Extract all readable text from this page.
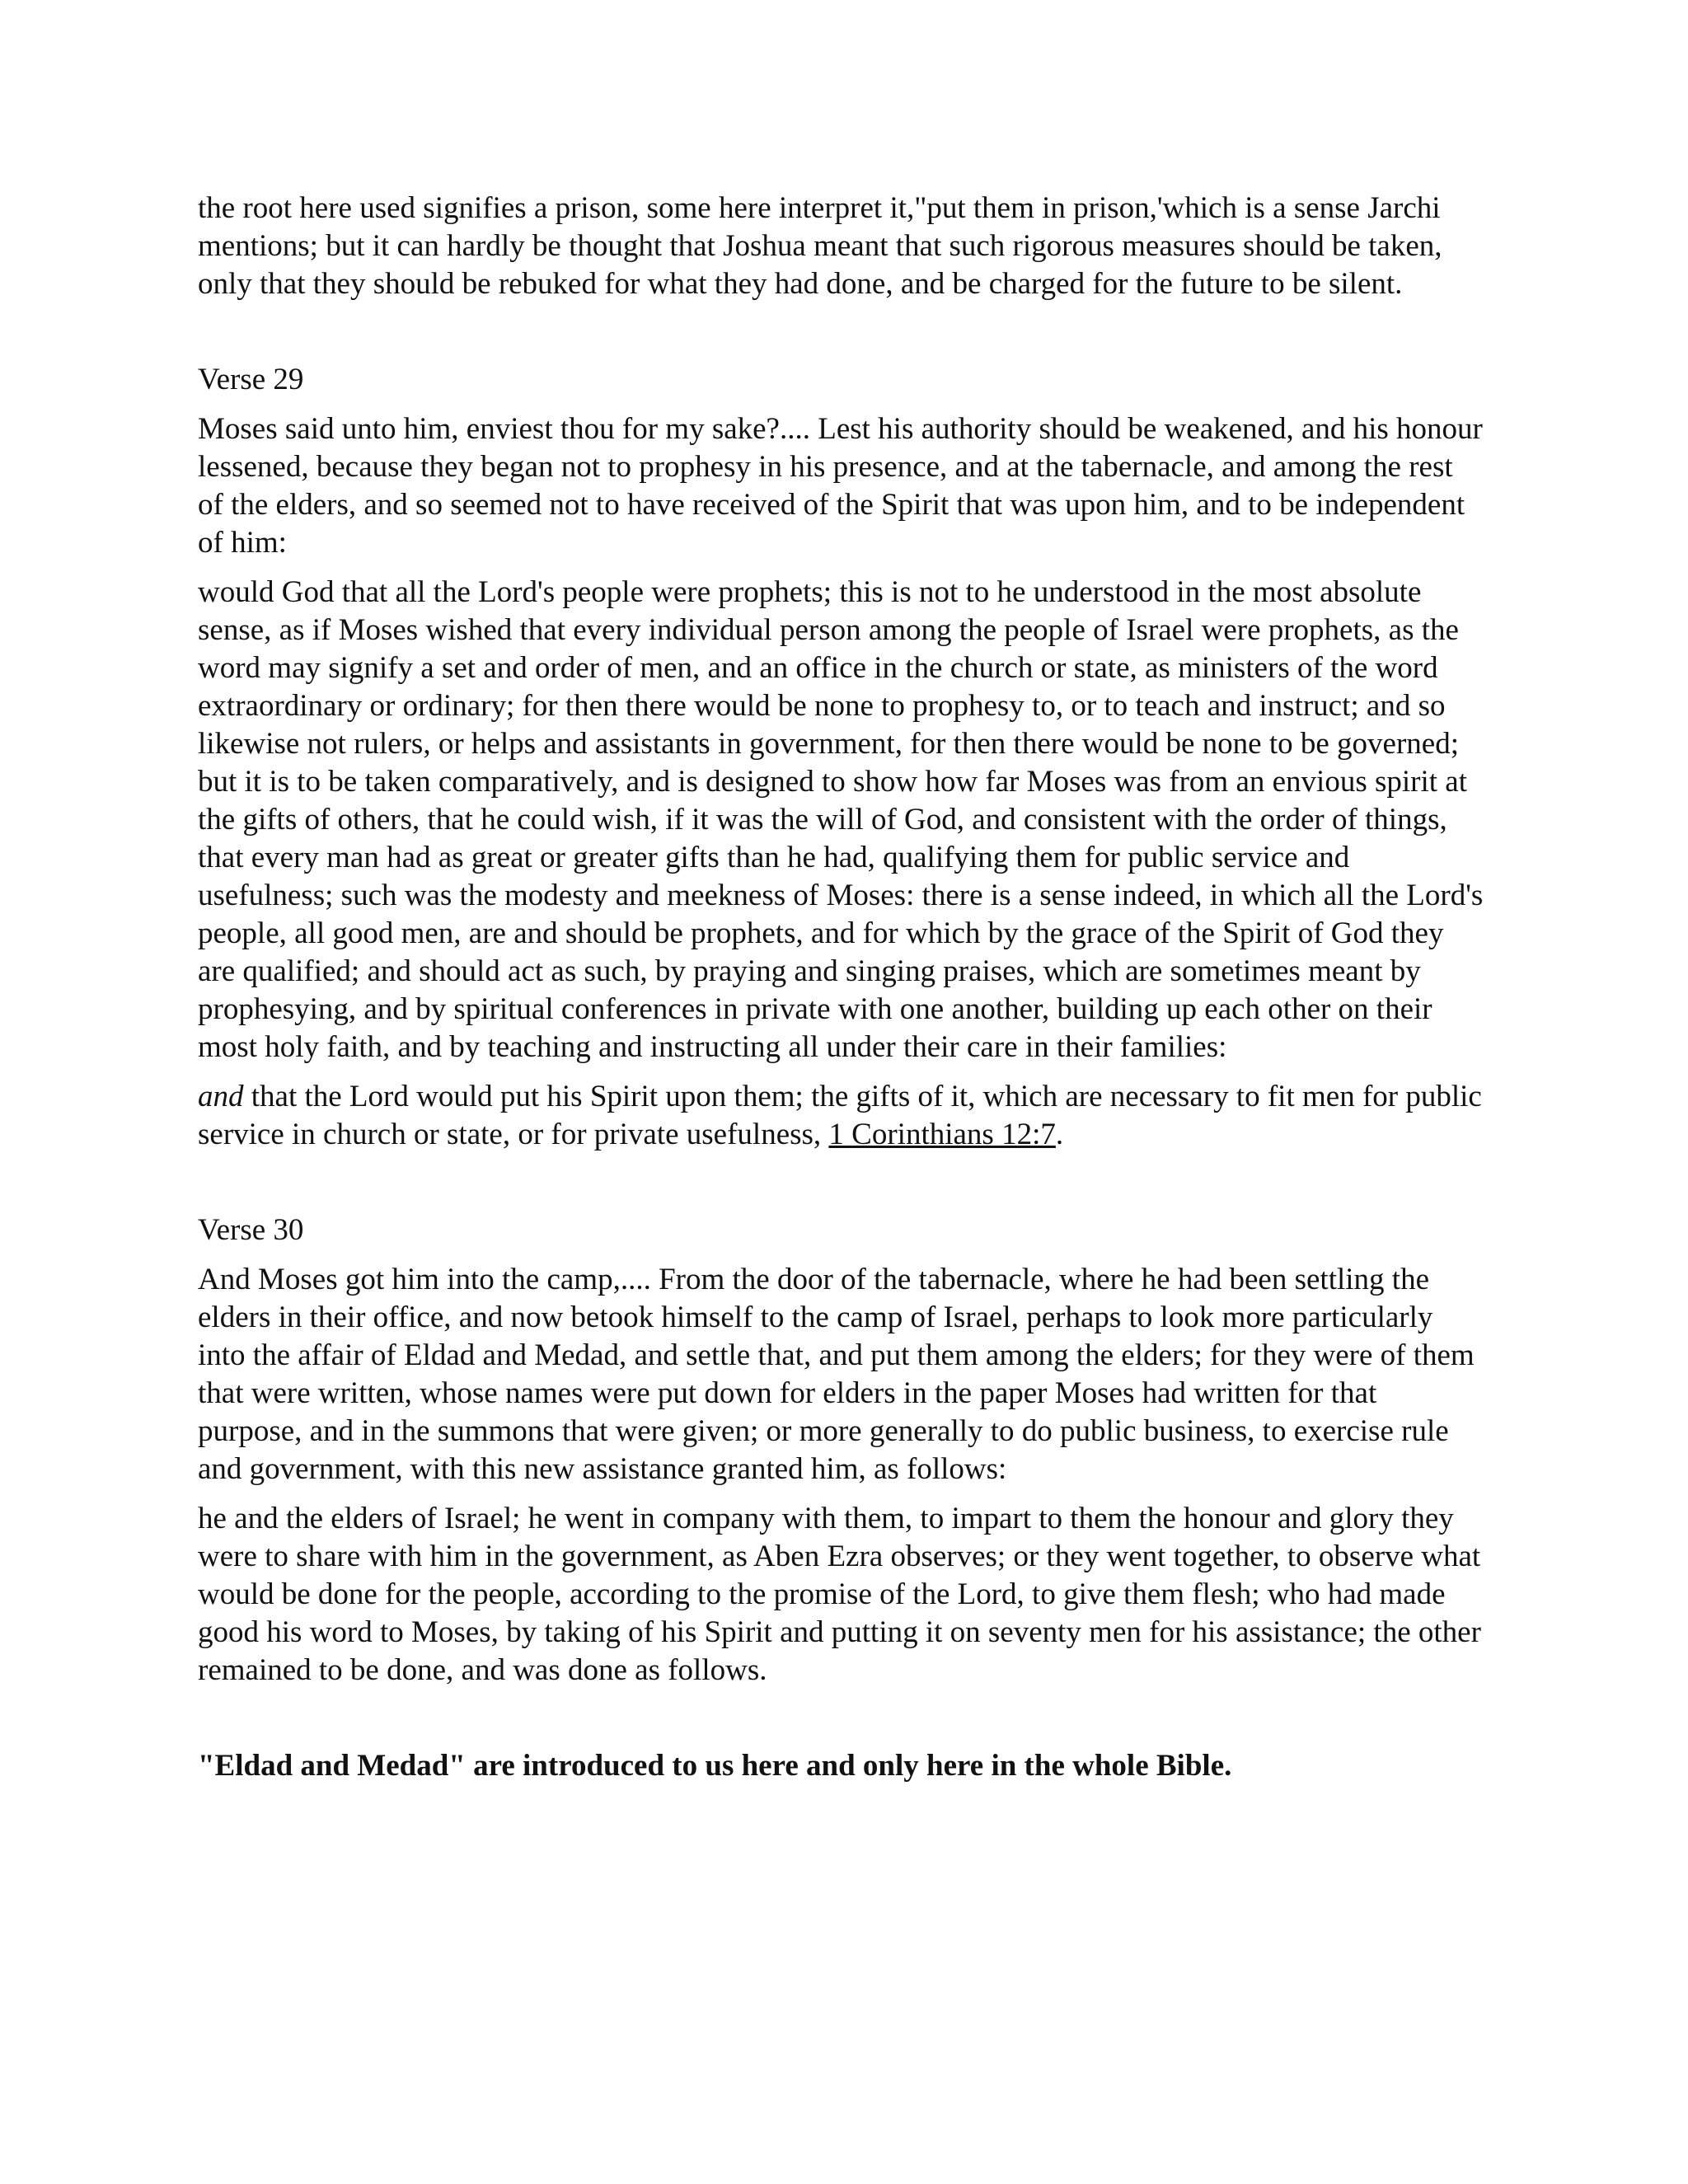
the root here used signifies a prison, some here interpret it,"put them in prison,'which is a sense Jarchi mentions; but it can hardly be thought that Joshua meant that such rigorous measures should be taken, only that they should be rebuked for what they had done, and be charged for the future to be silent.

Verse 29

Moses said unto him, enviest thou for my sake?.... Lest his authority should be weakened, and his honour lessened, because they began not to prophesy in his presence, and at the tabernacle, and among the rest of the elders, and so seemed not to have received of the Spirit that was upon him, and to be independent of him:

would God that all the Lord's people were prophets; this is not to he understood in the most absolute sense, as if Moses wished that every individual person among the people of Israel were prophets, as the word may signify a set and order of men, and an office in the church or state, as ministers of the word extraordinary or ordinary; for then there would be none to prophesy to, or to teach and instruct; and so likewise not rulers, or helps and assistants in government, for then there would be none to be governed; but it is to be taken comparatively, and is designed to show how far Moses was from an envious spirit at the gifts of others, that he could wish, if it was the will of God, and consistent with the order of things, that every man had as great or greater gifts than he had, qualifying them for public service and usefulness; such was the modesty and meekness of Moses: there is a sense indeed, in which all the Lord's people, all good men, are and should be prophets, and for which by the grace of the Spirit of God they are qualified; and should act as such, by praying and singing praises, which are sometimes meant by prophesying, and by spiritual conferences in private with one another, building up each other on their most holy faith, and by teaching and instructing all under their care in their families:

and that the Lord would put his Spirit upon them; the gifts of it, which are necessary to fit men for public service in church or state, or for private usefulness, 1 Corinthians 12:7.

Verse 30

And Moses got him into the camp,.... From the door of the tabernacle, where he had been settling the elders in their office, and now betook himself to the camp of Israel, perhaps to look more particularly into the affair of Eldad and Medad, and settle that, and put them among the elders; for they were of them that were written, whose names were put down for elders in the paper Moses had written for that purpose, and in the summons that were given; or more generally to do public business, to exercise rule and government, with this new assistance granted him, as follows:

he and the elders of Israel; he went in company with them, to impart to them the honour and glory they were to share with him in the government, as Aben Ezra observes; or they went together, to observe what would be done for the people, according to the promise of the Lord, to give them flesh; who had made good his word to Moses, by taking of his Spirit and putting it on seventy men for his assistance; the other remained to be done, and was done as follows.

"Eldad and Medad" are introduced to us here and only here in the whole Bible.
